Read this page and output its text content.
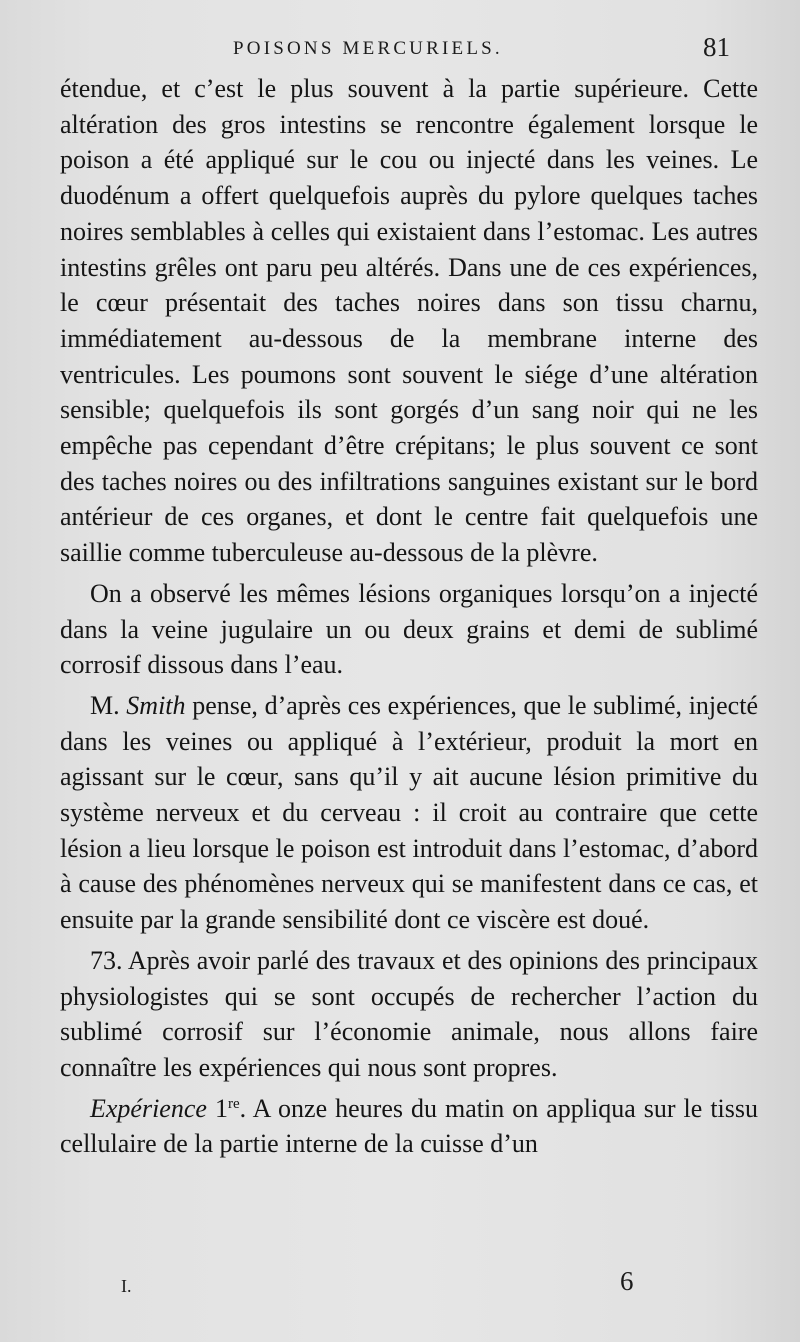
POISONS MERCURIELS.	81

étendue, et c’est le plus souvent à la partie supérieure. Cette altération des gros intestins se rencontre également lorsque le poison a été appliqué sur le cou ou injecté dans les veines. Le duodénum a offert quelquefois auprès du pylore quelques taches noires semblables à celles qui existaient dans l’estomac. Les autres intestins grêles ont paru peu altérés. Dans une de ces expériences, le cœur présentait des taches noires dans son tissu charnu, immédiatement au-dessous de la membrane interne des ventricules. Les poumons sont souvent le siége d’une altération sensible; quelquefois ils sont gorgés d’un sang noir qui ne les empêche pas cependant d’être crépitans; le plus souvent ce sont des taches noires ou des infiltrations sanguines existant sur le bord antérieur de ces organes, et dont le centre fait quelquefois une saillie comme tuberculeuse au-dessous de la plèvre.

On a observé les mêmes lésions organiques lorsqu’on a injecté dans la veine jugulaire un ou deux grains et demi de sublimé corrosif dissous dans l’eau.

M. Smith pense, d’après ces expériences, que le sublimé, injecté dans les veines ou appliqué à l’extérieur, produit la mort en agissant sur le cœur, sans qu’il y ait aucune lésion primitive du système nerveux et du cerveau : il croit au contraire que cette lésion a lieu lorsque le poison est introduit dans l’estomac, d’abord à cause des phénomènes nerveux qui se manifestent dans ce cas, et ensuite par la grande sensibilité dont ce viscère est doué.

73. Après avoir parlé des travaux et des opinions des principaux physiologistes qui se sont occupés de rechercher l’action du sublimé corrosif sur l’économie animale, nous allons faire connaître les expériences qui nous sont propres.

Expérience 1re. A onze heures du matin on appliqua sur le tissu cellulaire de la partie interne de la cuisse d’un

I.	6
